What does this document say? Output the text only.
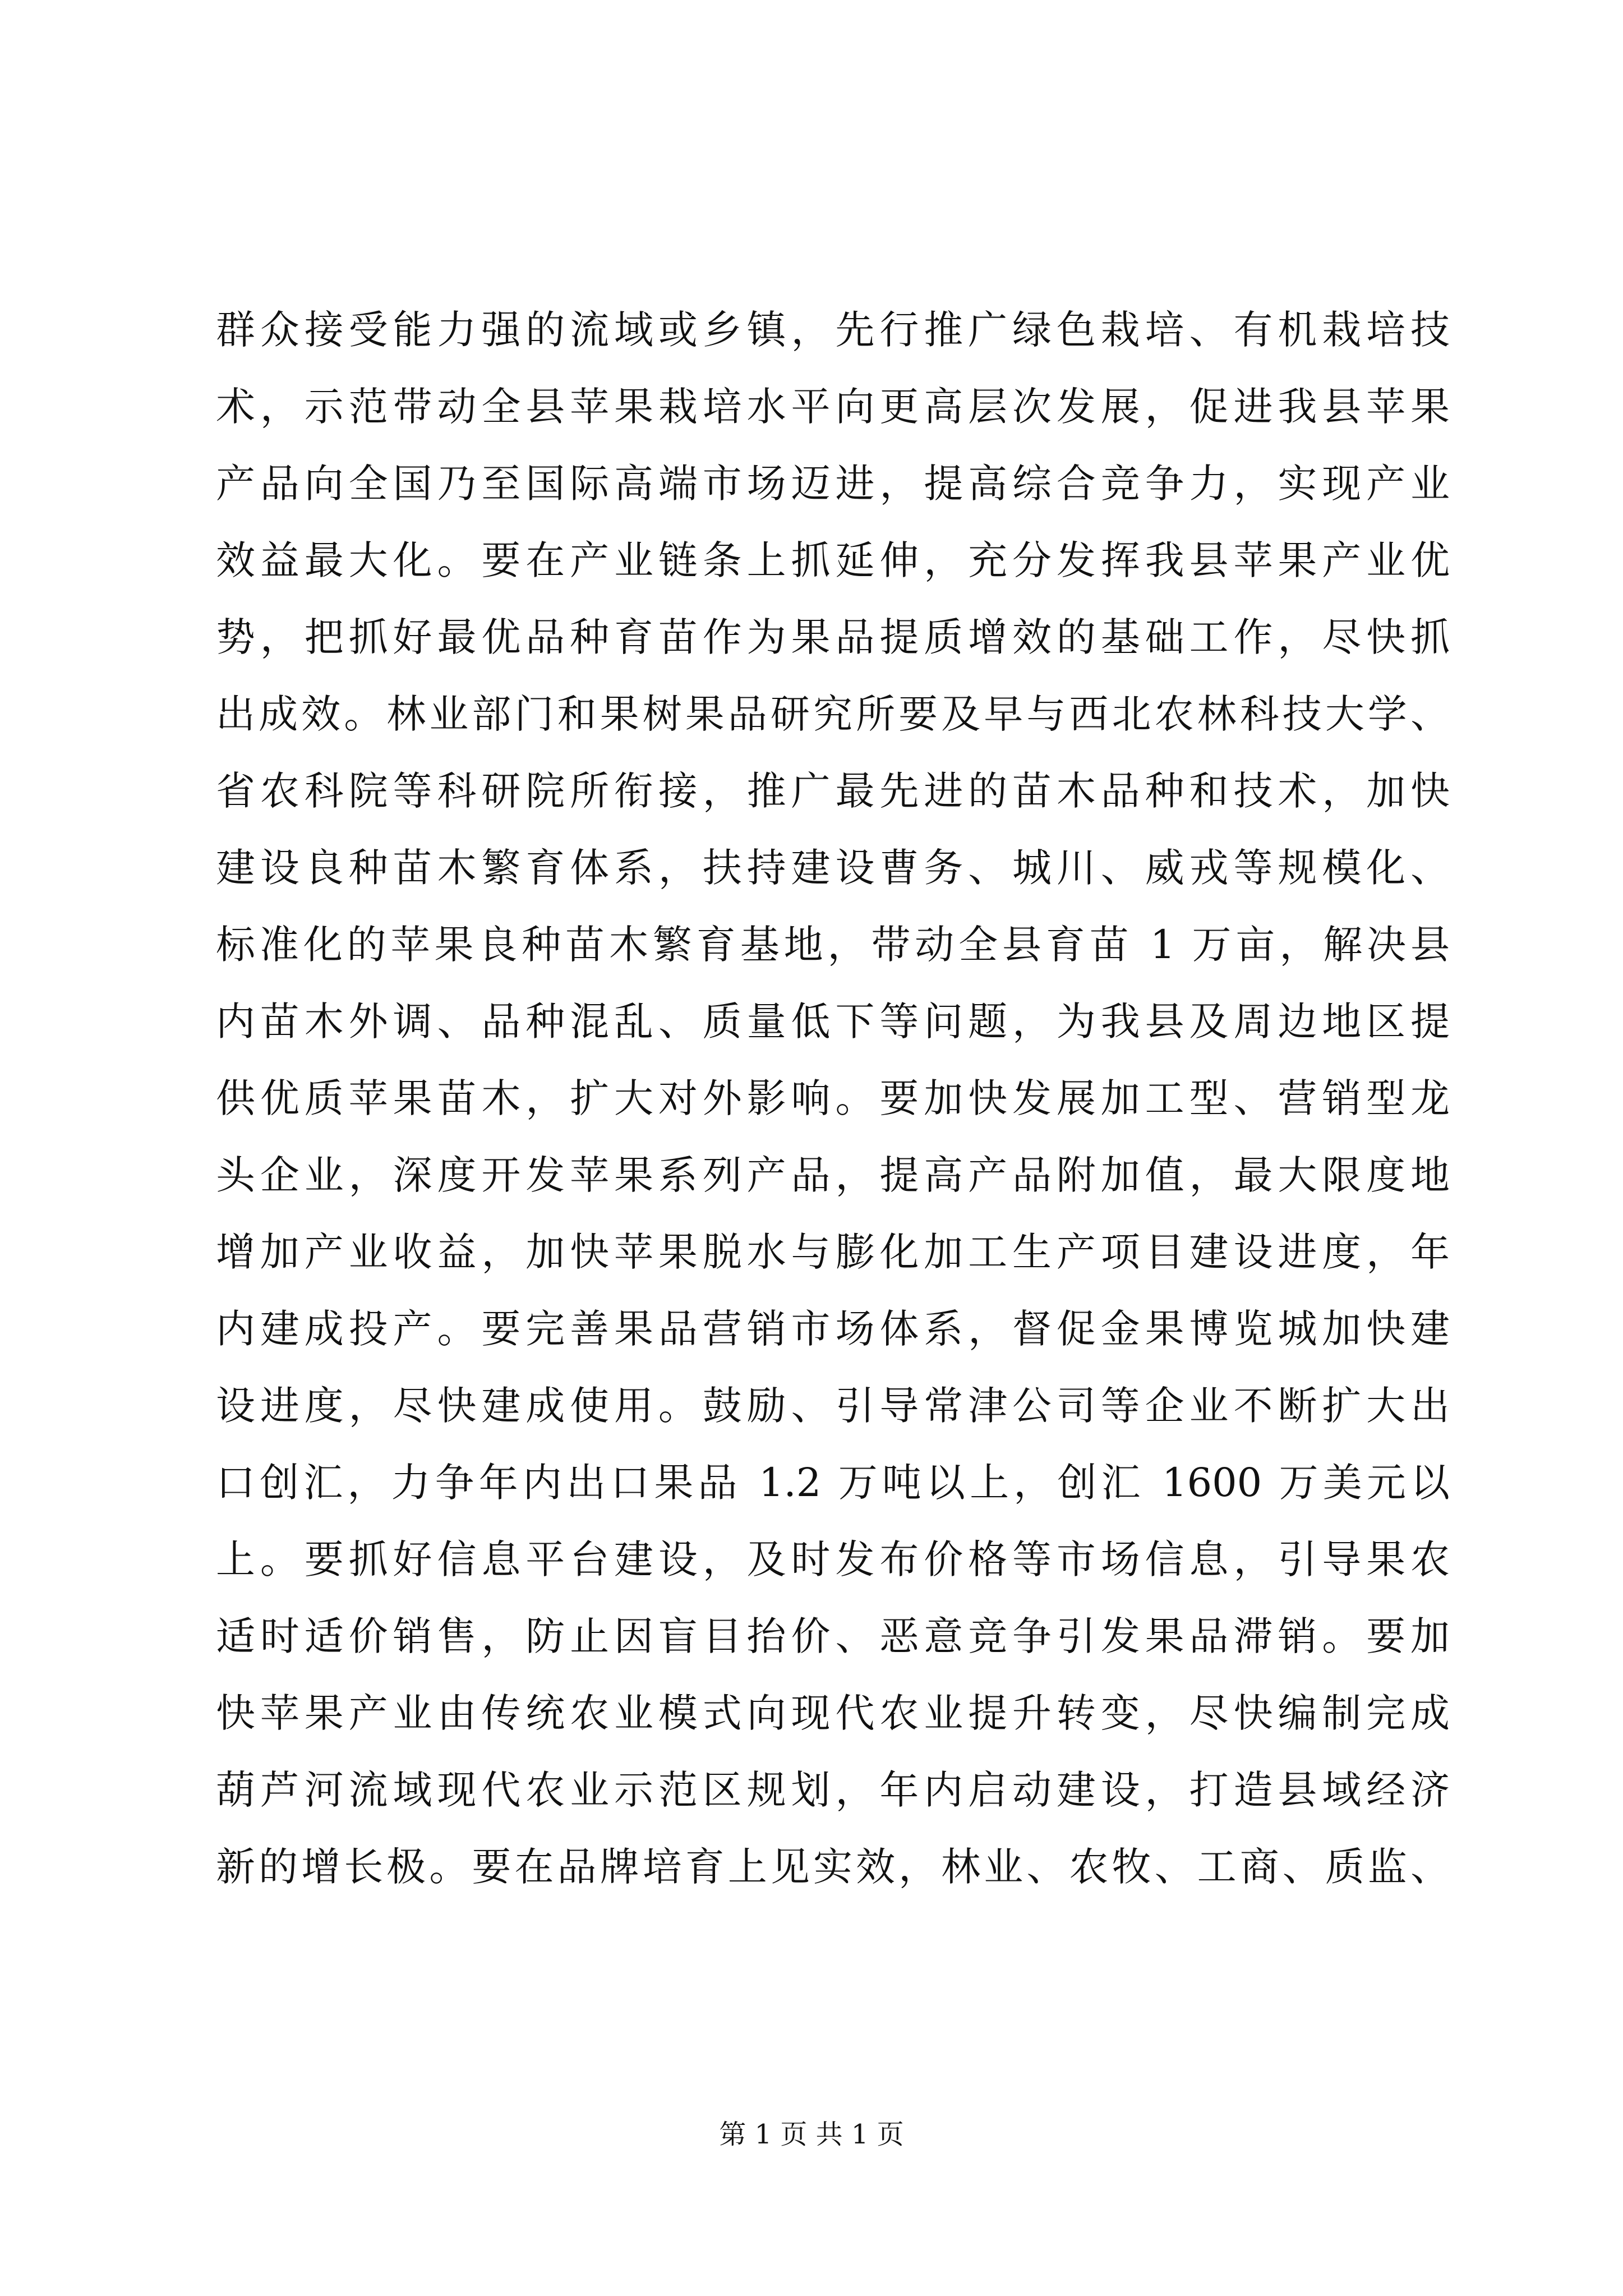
群众接受能力强的流域或乡镇，先行推广绿色栽培、有机栽培技
术，示范带动全县苹果栽培水平向更高层次发展，促进我县苹果
产品向全国乃至国际高端市场迈进，提高综合竞争力，实现产业
效益最大化。要在产业链条上抓延伸，充分发挥我县苹果产业优
势，把抓好最优品种育苗作为果品提质增效的基础工作，尽快抓
出成效。林业部门和果树果品研究所要及早与西北农林科技大学、
省农科院等科研院所衔接，推广最先进的苗木品种和技术，加快
建设良种苗木繁育体系，扶持建设曹务、城川、威戎等规模化、
标准化的苹果良种苗木繁育基地，带动全县育苗 1 万亩，解决县
内苗木外调、品种混乱、质量低下等问题，为我县及周边地区提
供优质苹果苗木，扩大对外影响。要加快发展加工型、营销型龙
头企业，深度开发苹果系列产品，提高产品附加值，最大限度地
增加产业收益，加快苹果脱水与膨化加工生产项目建设进度，年
内建成投产。要完善果品营销市场体系，督促金果博览城加快建
设进度，尽快建成使用。鼓励、引导常津公司等企业不断扩大出
口创汇，力争年内出口果品 1.2 万吨以上，创汇 1600 万美元以
上。要抓好信息平台建设，及时发布价格等市场信息，引导果农
适时适价销售，防止因盲目抬价、恶意竞争引发果品滞销。要加
快苹果产业由传统农业模式向现代农业提升转变，尽快编制完成
葫芦河流域现代农业示范区规划，年内启动建设，打造县域经济
新的增长极。要在品牌培育上见实效，林业、农牧、工商、质监、
第 1 页 共 1 页
